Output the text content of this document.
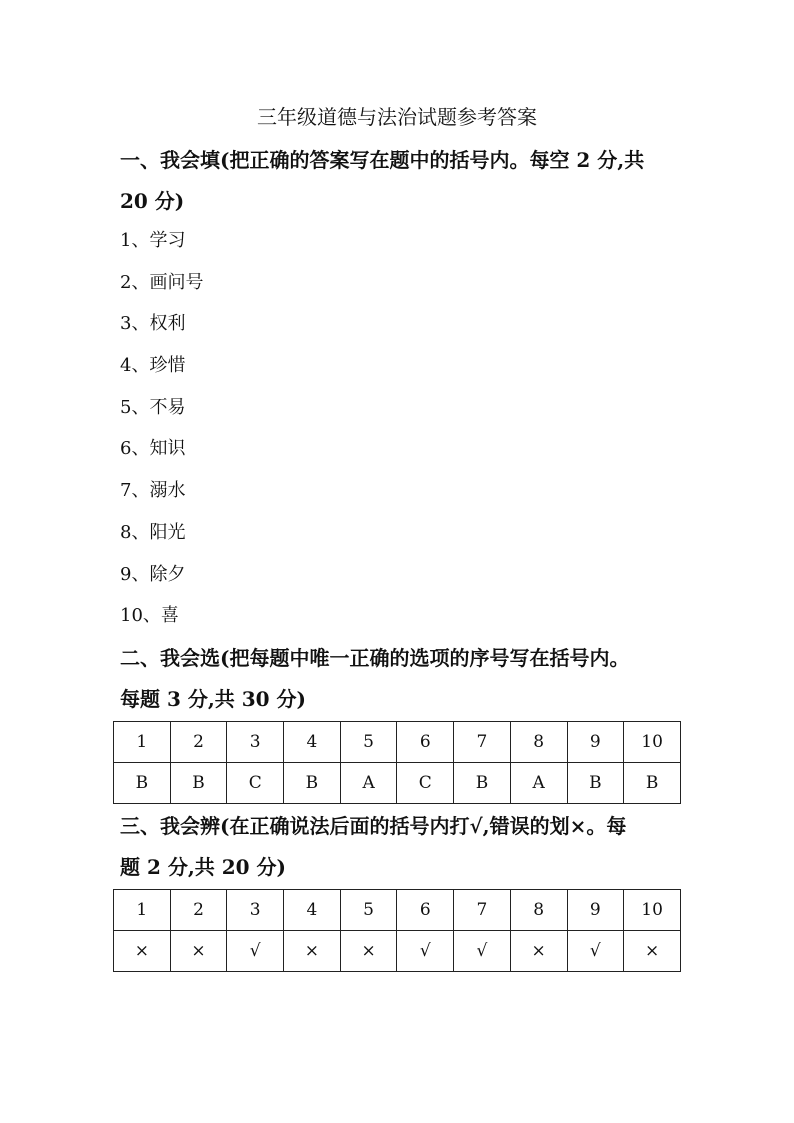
三年级道德与法治试题参考答案
一、我会填(把正确的答案写在题中的括号内。每空 2 分,共
20 分)
1、学习
2、画问号
3、权利
4、珍惜
5、不易
6、知识
7、溺水
8、阳光
9、除夕
10、喜
二、我会选(把每题中唯一正确的选项的序号写在括号内。
每题 3 分,共 30 分)
1	2	3	4	5	6	7	8	9	10
B	B	C	B	A	C	B	A	B	B
三、我会辨(在正确说法后面的括号内打√,错误的划×。每
题 2 分,共 20 分)
1	2	3	4	5	6	7	8	9	10
×	×	√	×	×	√	√	×	√	×
